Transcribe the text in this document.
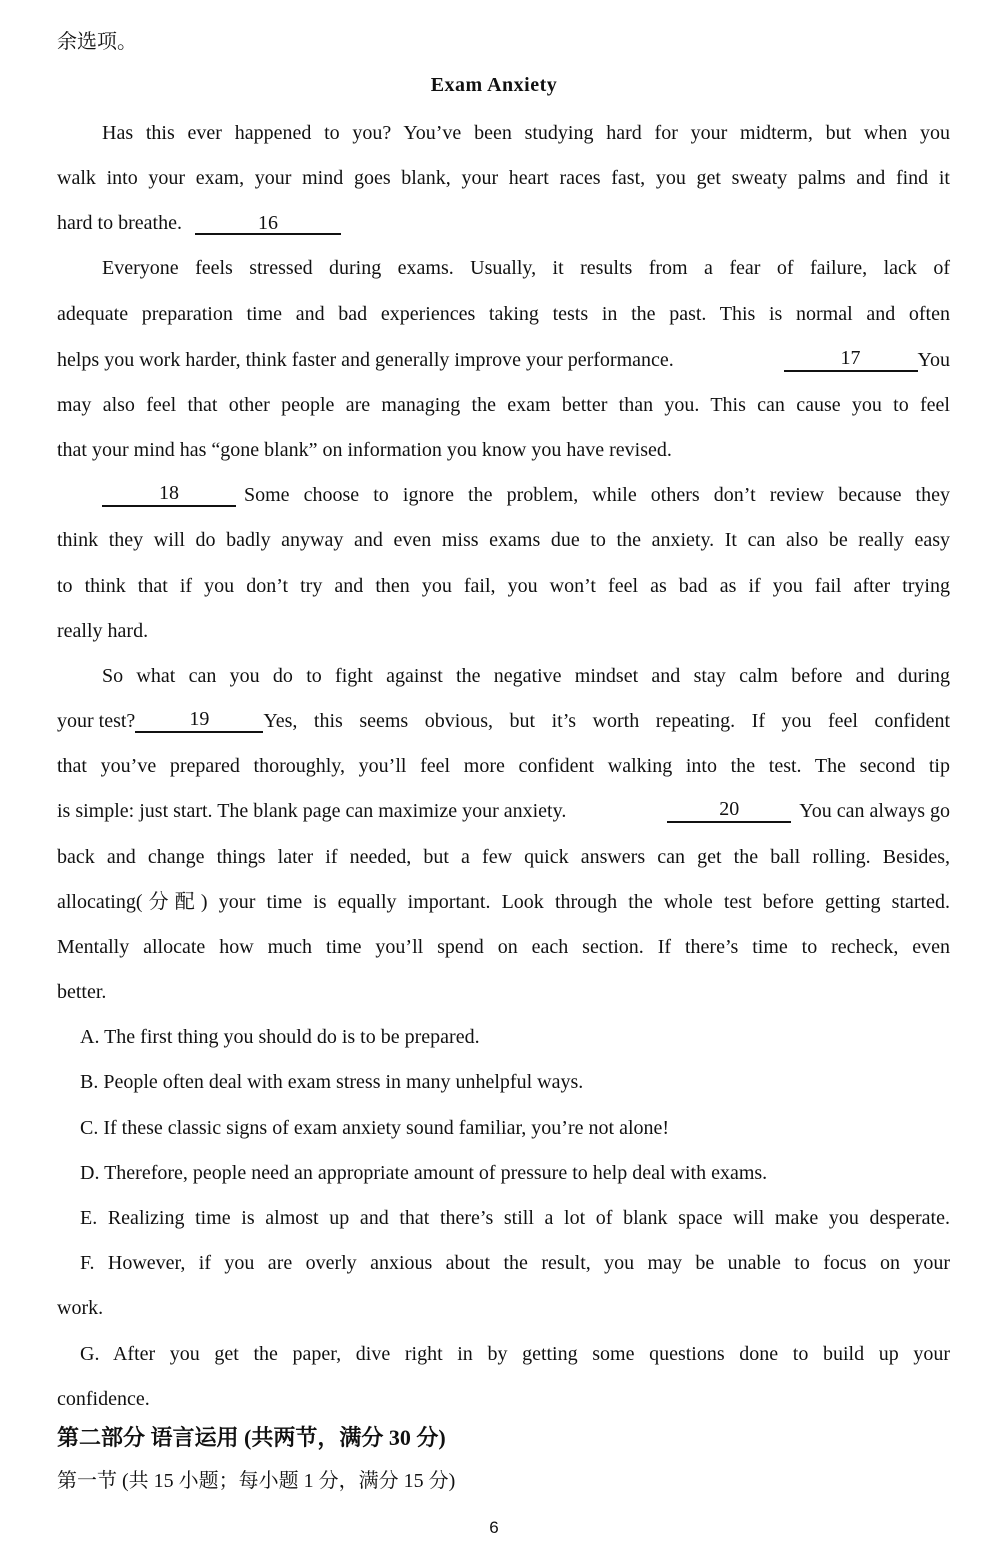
余选项。
Exam Anxiety
Has this ever happened to you? You’ve been studying hard for your midterm, but when you
walk into your exam, your mind goes blank, your heart races fast, you get sweaty palms and find it
hard to breathe.	16
Everyone feels stressed during exams. Usually, it results from a fear of failure, lack of
adequate preparation time and bad experiences taking tests in the past. This is normal and often
helps you work harder, think faster and generally improve your performance.	17	You
may also feel that other people are managing the exam better than you. This can cause you to feel
that your mind has “gone blank” on information you know you have revised.
18	Some choose to ignore the problem, while others don’t review because they
think they will do badly anyway and even miss exams due to the anxiety. It can also be really easy
to think that if you don’t try and then you fail, you won’t feel as bad as if you fail after trying
really hard.
So what can you do to fight against the negative mindset and stay calm before and during
your test?	19	Yes, this seems obvious, but it’s worth repeating. If you feel confident
that you’ve prepared thoroughly, you’ll feel more confident walking into the test. The second tip
is simple: just start. The blank page can maximize your anxiety.	20	You can always go
back and change things later if needed, but a few quick answers can get the ball rolling. Besides,
allocating(分配) your time is equally important. Look through the whole test before getting started.
Mentally allocate how much time you’ll spend on each section. If there’s time to recheck, even
better.
A. The first thing you should do is to be prepared.
B. People often deal with exam stress in many unhelpful ways.
C. If these classic signs of exam anxiety sound familiar, you’re not alone!
D. Therefore, people need an appropriate amount of pressure to help deal with exams.
E. Realizing time is almost up and that there’s still a lot of blank space will make you desperate.
F. However, if you are overly anxious about the result, you may be unable to focus on your
work.
G. After you get the paper, dive right in by getting some questions done to build up your
confidence.
第二部分 语言运用 (共两节，满分 30 分)
第一节 (共 15 小题；每小题 1 分，满分 15 分)
6
